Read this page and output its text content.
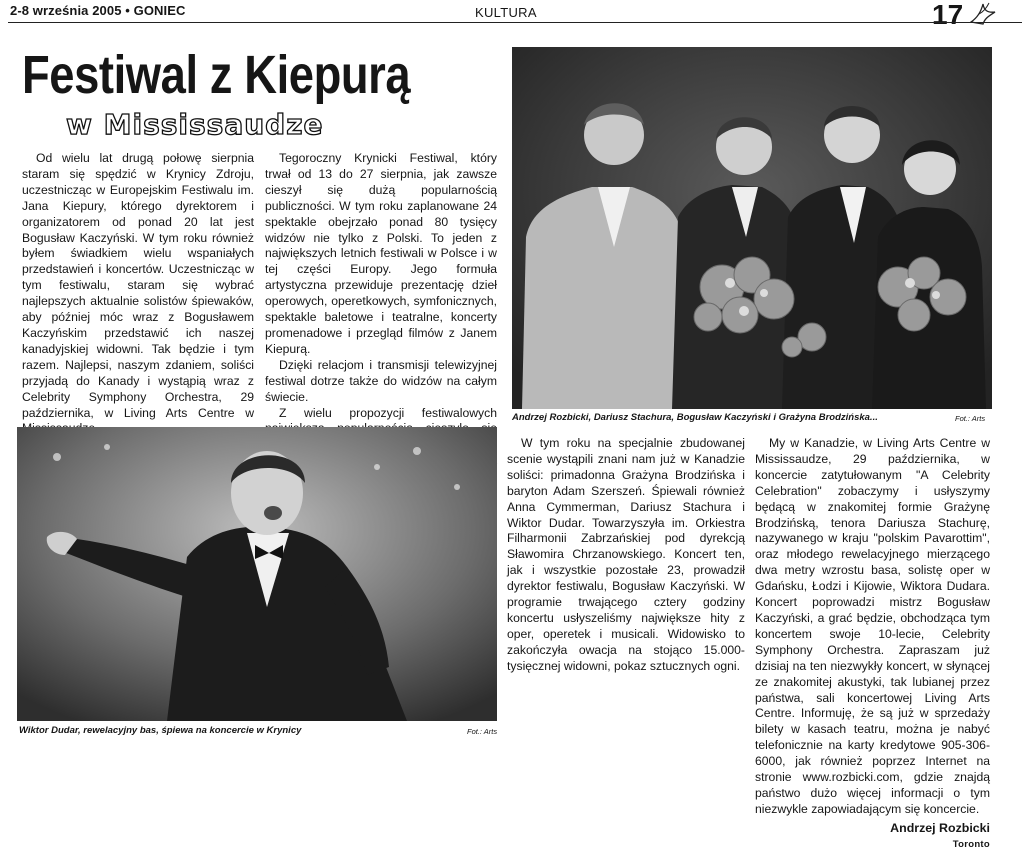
2-8 września 2005 • GONIEC	KULTURA	17
Festiwal z Kiepurą
w Mississaudze

Od wielu lat drugą połowę sierpnia staram się spędzić w Krynicy Zdroju, uczestnicząc w Europejskim Festiwalu im. Jana Kiepury, którego dyrektorem i organizatorem od ponad 20 lat jest Bogusław Kaczyński. W tym roku również byłem świadkiem wielu wspaniałych przedstawień i koncertów. Uczestnicząc w tym festiwalu, staram się wybrać najlepszych aktualnie solistów śpiewaków, aby później móc wraz z Bogusławem Kaczyńskim przedstawić ich naszej kanadyjskiej widowni. Tak będzie i tym razem. Najlepsi, naszym zdaniem, soliści przyjadą do Kanady i wystąpią wraz z Celebrity Symphony Orchestra, 29 października, w Living Arts Centre w

Tegoroczny Krynicki Festiwal, który trwał od 13 do 27 sierpnia, jak zawsze cieszył się dużą popularnością publiczności. W tym roku zaplanowane 24 spektakle obejrzało ponad 80 tysięcy widzów nie tylko z Polski. To jeden z największych letnich festiwali w Polsce i w tej części Europy. Jego formuła artystyczna przewiduje prezentację dzieł operowych, operetkowych, symfonicznych, spektakle baletowe i teatralne, koncerty promenadowe i przegląd filmów z Janem Kiepurą.

Dzięki relacjom i transmisji telewizyjnej festiwal dotrze także do widzów na całym świecie.

Z wielu propozycji festiwalowych

W tym roku na specjalnie zbudowanej scenie wystąpili znani nam już w Kanadzie soliści: primadonna Grażyna Brodzińska i baryton Adam Szerszeń. Śpiewali również Anna Cymmerman, Dariusz Stachura i Wiktor Dudar. Towarzyszyła im. Orkiestra Filharmonii Zabrzańskiej pod dyrekcją Sławomira Chrzanowskiego. Koncert ten, jak i wszystkie pozostałe 23, prowadził dyrektor festiwalu, Bogusław Kaczyński. W programie trwającego cztery godziny koncertu usłyszeliśmy największe hity z oper, operetek i musicali. Widowisko to zakończyła owacja na stojąco 15.000-tysięcznej widowni, pokaz sztucznych ogni.

My w Kanadzie, w Living Arts Centre w Mississaudze, 29 października, w koncercie zatytułowanym "A Celebrity Celebration" zobaczymy i usłyszymy będącą w znakomitej formie Grażynę Brodzińską, tenora Dariusza Stachurę, nazywanego w kraju "polskim Pavarottim", oraz młodego rewelacyjnego mierzącego dwa metry wzrostu basa, solistę oper w Gdańsku, Łodzi i Kijowie, Wiktora Dudara. Koncert poprowadzi mistrz Bogusław Kaczyński, a grać będzie, obchodząca tym koncertem swoje 10-lecie, Celebrity Symphony Orchestra. Zapraszam już dzisiaj na ten niezwykły koncert, w słynącej ze znakomitej akustyki, tak lubianej przez państwa, sali koncertowej Living Arts Centre. Informuję, że są już w sprzedaży bilety w kasach teatru, można je nabyć telefonicznie na karty kredytowe 905-306-6000, jak również poprzez Internet na stronie www.rozbicki.com, gdzie znajdą państwo dużo więcej informacji o tym niezwykle zapowiadającym się koncercie.

Andrzej Rozbicki
Toronto
Andrzej Rozbicki, Dariusz Stachura, Bogusław Kaczyński i Grażyna Brodzińska...	Fot.: Arts
Wiktor Dudar, rewelacyjny bas, śpiewa na koncercie w Krynicy	Fot.: Arts
